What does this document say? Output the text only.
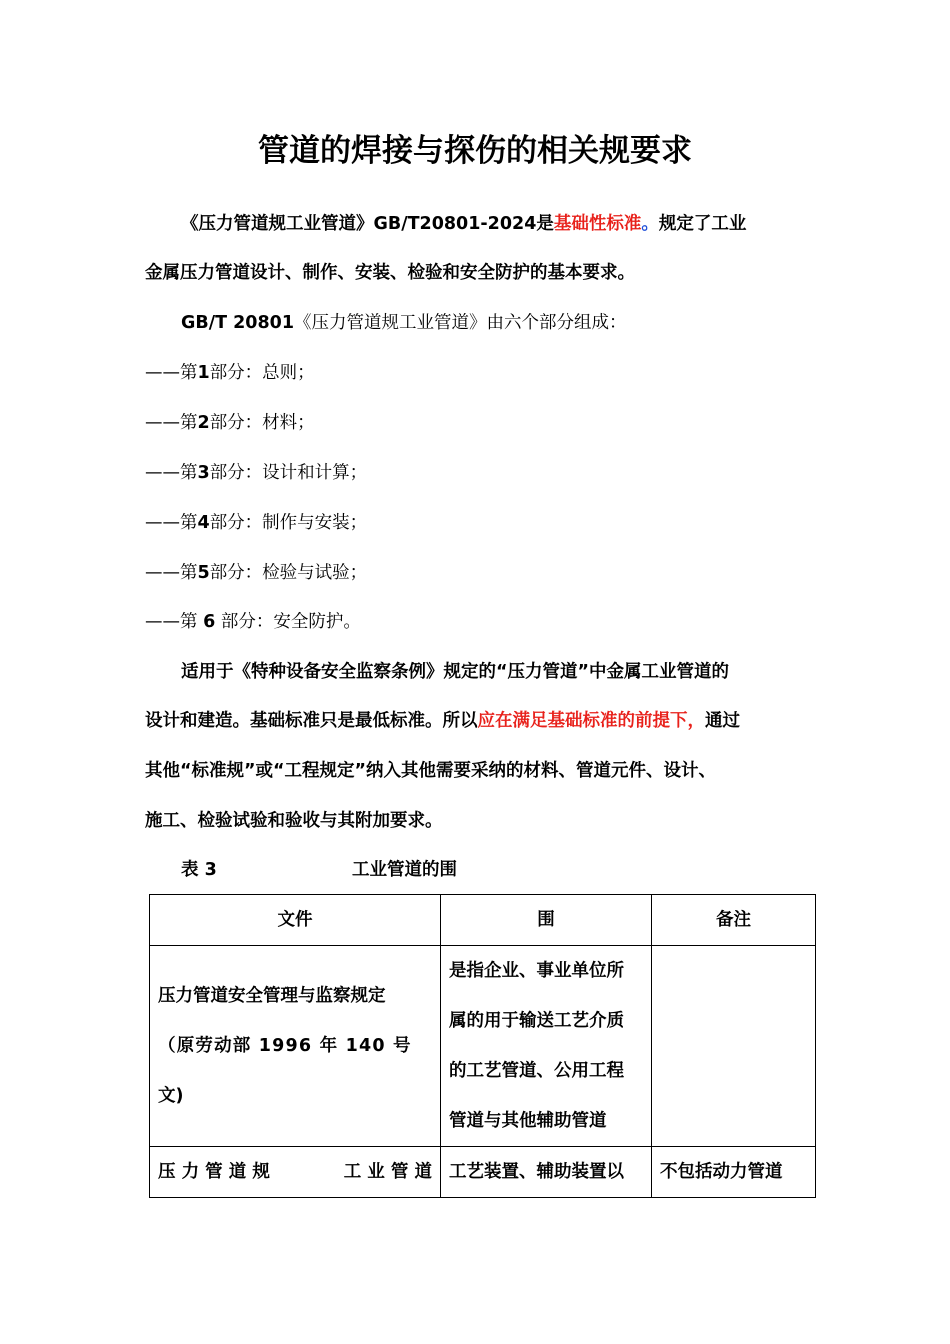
管道的焊接与探伤的相关规要求
《压力管道规工业管道》GB/T20801-2024是基础性标准。规定了工业
金属压力管道设计、制作、安装、检验和安全防护的基本要求。
GB/T 20801《压力管道规工业管道》由六个部分组成：
——第1部分：总则；
——第2部分：材料；
——第3部分：设计和计算；
——第4部分：制作与安装；
——第5部分：检验与试验；
——第 6 部分：安全防护。
适用于《特种设备安全监察条例》规定的“压力管道”中金属工业管道的
设计和建造。基础标准只是最低标准。所以应在满足基础标准的前提下，通过
其他“标准规”或“工程规定”纳入其他需要采纳的材料、管道元件、设计、
施工、检验试验和验收与其附加要求。
表 3	工业管道的围
文件	围	备注

压力管道安全管理与监察规定
（原劳动部 1996 年 140 号
文)	是指企业、事业单位所
属的用于输送工艺介质
的工艺管道、公用工程
管道与其他辅助管道	

压 力 管 道 规 工 业 管 道	工艺装置、辅助装置以	不包括动力管道
